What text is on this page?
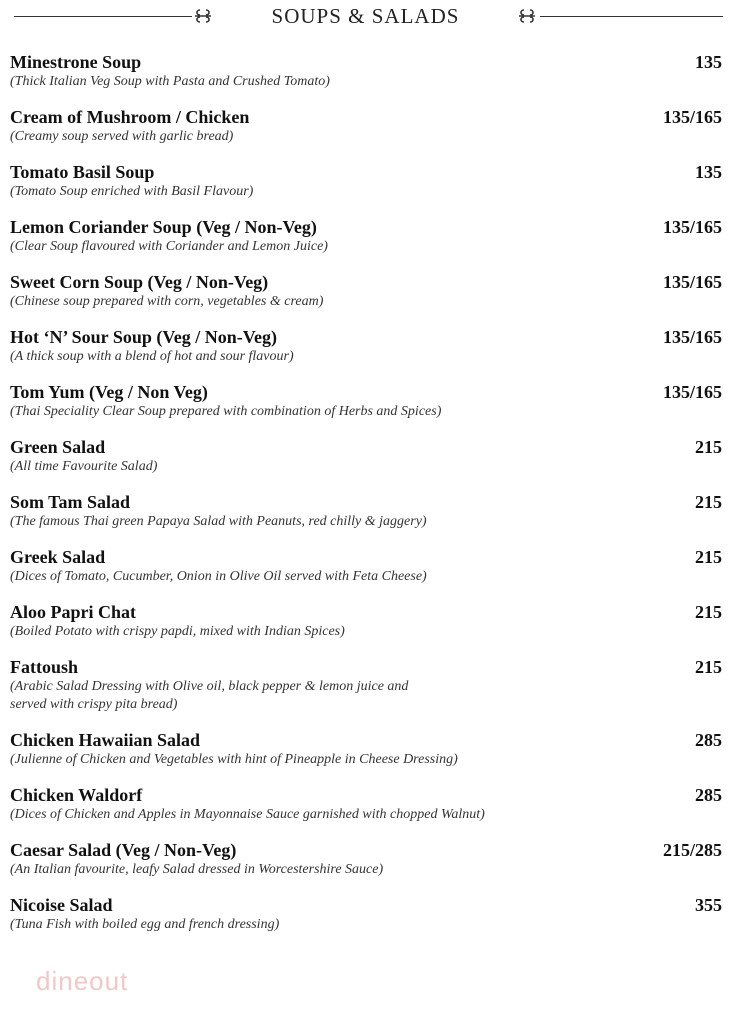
SOUPS & SALADS
Minestrone Soup	135
(Thick Italian Veg Soup with Pasta and Crushed Tomato)
Cream of Mushroom / Chicken	135/165
(Creamy soup served with garlic bread)
Tomato Basil Soup	135
(Tomato Soup enriched with Basil Flavour)
Lemon Coriander Soup (Veg / Non-Veg)	135/165
(Clear Soup flavoured with Coriander and Lemon Juice)
Sweet Corn Soup (Veg / Non-Veg)	135/165
(Chinese soup prepared with corn, vegetables & cream)
Hot ‘N’ Sour Soup (Veg / Non-Veg)	135/165
(A thick soup with a blend of hot and sour flavour)
Tom Yum (Veg / Non Veg)	135/165
(Thai Speciality Clear Soup prepared with combination of Herbs and Spices)
Green Salad	215
(All time Favourite Salad)
Som Tam Salad	215
(The famous Thai green Papaya Salad with Peanuts, red chilly & jaggery)
Greek Salad	215
(Dices of Tomato, Cucumber, Onion in Olive Oil served with Feta Cheese)
Aloo Papri Chat	215
(Boiled Potato with crispy papdi, mixed with Indian Spices)
Fattoush	215
(Arabic Salad Dressing with Olive oil, black pepper & lemon juice and served with crispy pita bread)
Chicken Hawaiian Salad	285
(Julienne of Chicken and Vegetables with hint of Pineapple in Cheese Dressing)
Chicken Waldorf	285
(Dices of Chicken and Apples in Mayonnaise Sauce garnished with chopped Walnut)
Caesar Salad (Veg / Non-Veg)	215/285
(An Italian favourite, leafy Salad dressed in Worcestershire Sauce)
Nicoise Salad	355
(Tuna Fish with boiled egg and french dressing)
dineout
